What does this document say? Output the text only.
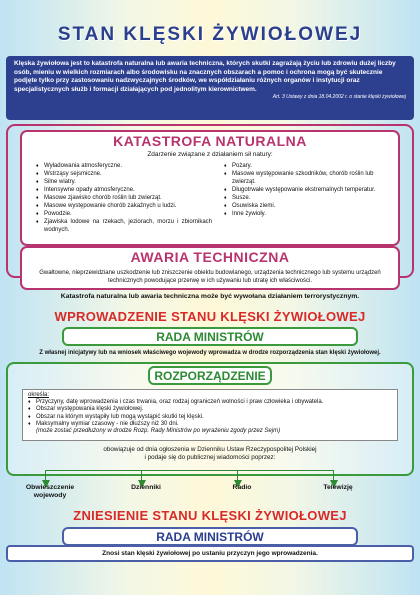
STAN KLĘSKI ŻYWIOŁOWEJ
Klęska żywiołowa jest to katastrofa naturalna lub awaria techniczna, których skutki zagrażają życiu lub zdrowiu dużej liczby osób, mieniu w wielkich rozmiarach albo środowisku na znacznych obszarach a pomoc i ochrona mogą być skutecznie podjęte tylko przy zastosowaniu nadzwyczajnych środków, we współdziałaniu różnych organów i instytucji oraz specjalistycznych służb i formacji działających pod jednolitym kierownictwem.
Art. 3 Ustawy z dnia 18.04.2002 r. o stanie klęski żywiołowej
KATASTROFA NATURALNA
Zdarzenie związane z działaniem sił natury:
♦ Wyładowania atmosferyczne.
♦ Wstrząsy sejsmiczne.
♦ Silne wiatry.
♦ Intensywne opady atmosferyczne.
♦ Masowe zjawisko chorób roślin lub zwierząt.
♦ Masowe występowanie chorób zakaźnych u ludzi.
♦ Powodzie.
♦ Zjawiska lodowe na rzekach, jeziorach, morzu i zbiornikach wodnych.
♦ Pożary.
♦ Masowe występowanie szkodników, chorób roślin lub zwierząt.
♦ Długotrwałe występowanie ekstremalnych temperatur.
♦ Susze.
♦ Osuwiska ziemi.
♦ Inne żywioły.
AWARIA TECHNICZNA
Gwałtowne, nieprzewidziane uszkodzenie lub zniszczenie obiektu budowlanego, urządzenia technicznego lub systemu urządzeń technicznych powodujące przerwę w ich używaniu lub utratę ich właściwości.
Katastrofa naturalna lub awaria techniczna może być wywołana działaniem terrorystycznym.
WPROWADZENIE STANU KLĘSKI ŻYWIOŁOWEJ
RADA MINISTRÓW
Z własnej inicjatywy lub na wniosek właściwego wojewody wprowadza w drodze rozporządzenia stan klęski żywiołowej.
ROZPORZĄDZENIE
określa:
♦ Przyczyny, datę wprowadzenia i czas trwania, oraz rodzaj ograniczeń wolności i praw człowieka i obywatela.
♦ Obszar występowania klęski żywiołowej.
♦ Obszar na którym wystąpiły lub mogą wystąpić skutki tej klęski.
♦ Maksymalny wymiar czasowy - nie dłuższy niż 30 dni.
(może zostać przedłużony w drodze Rozp. Rady Ministrów po wyrażeniu zgody przez Sejm)
obowiązuje od dnia ogłoszenia w Dzienniku Ustaw Rzeczypospolitej Polskiej
i podaje się do publicznej wiadomości poprzez:
Obwieszczenie wojewody
Dzienniki	Radio	Telewizję
ZNIESIENIE STANU KLĘSKI ŻYWIOŁOWEJ
Znosi stan klęski żywiołowej po ustaniu przyczyn jego wprowadzenia.
RADA MINISTRÓW
